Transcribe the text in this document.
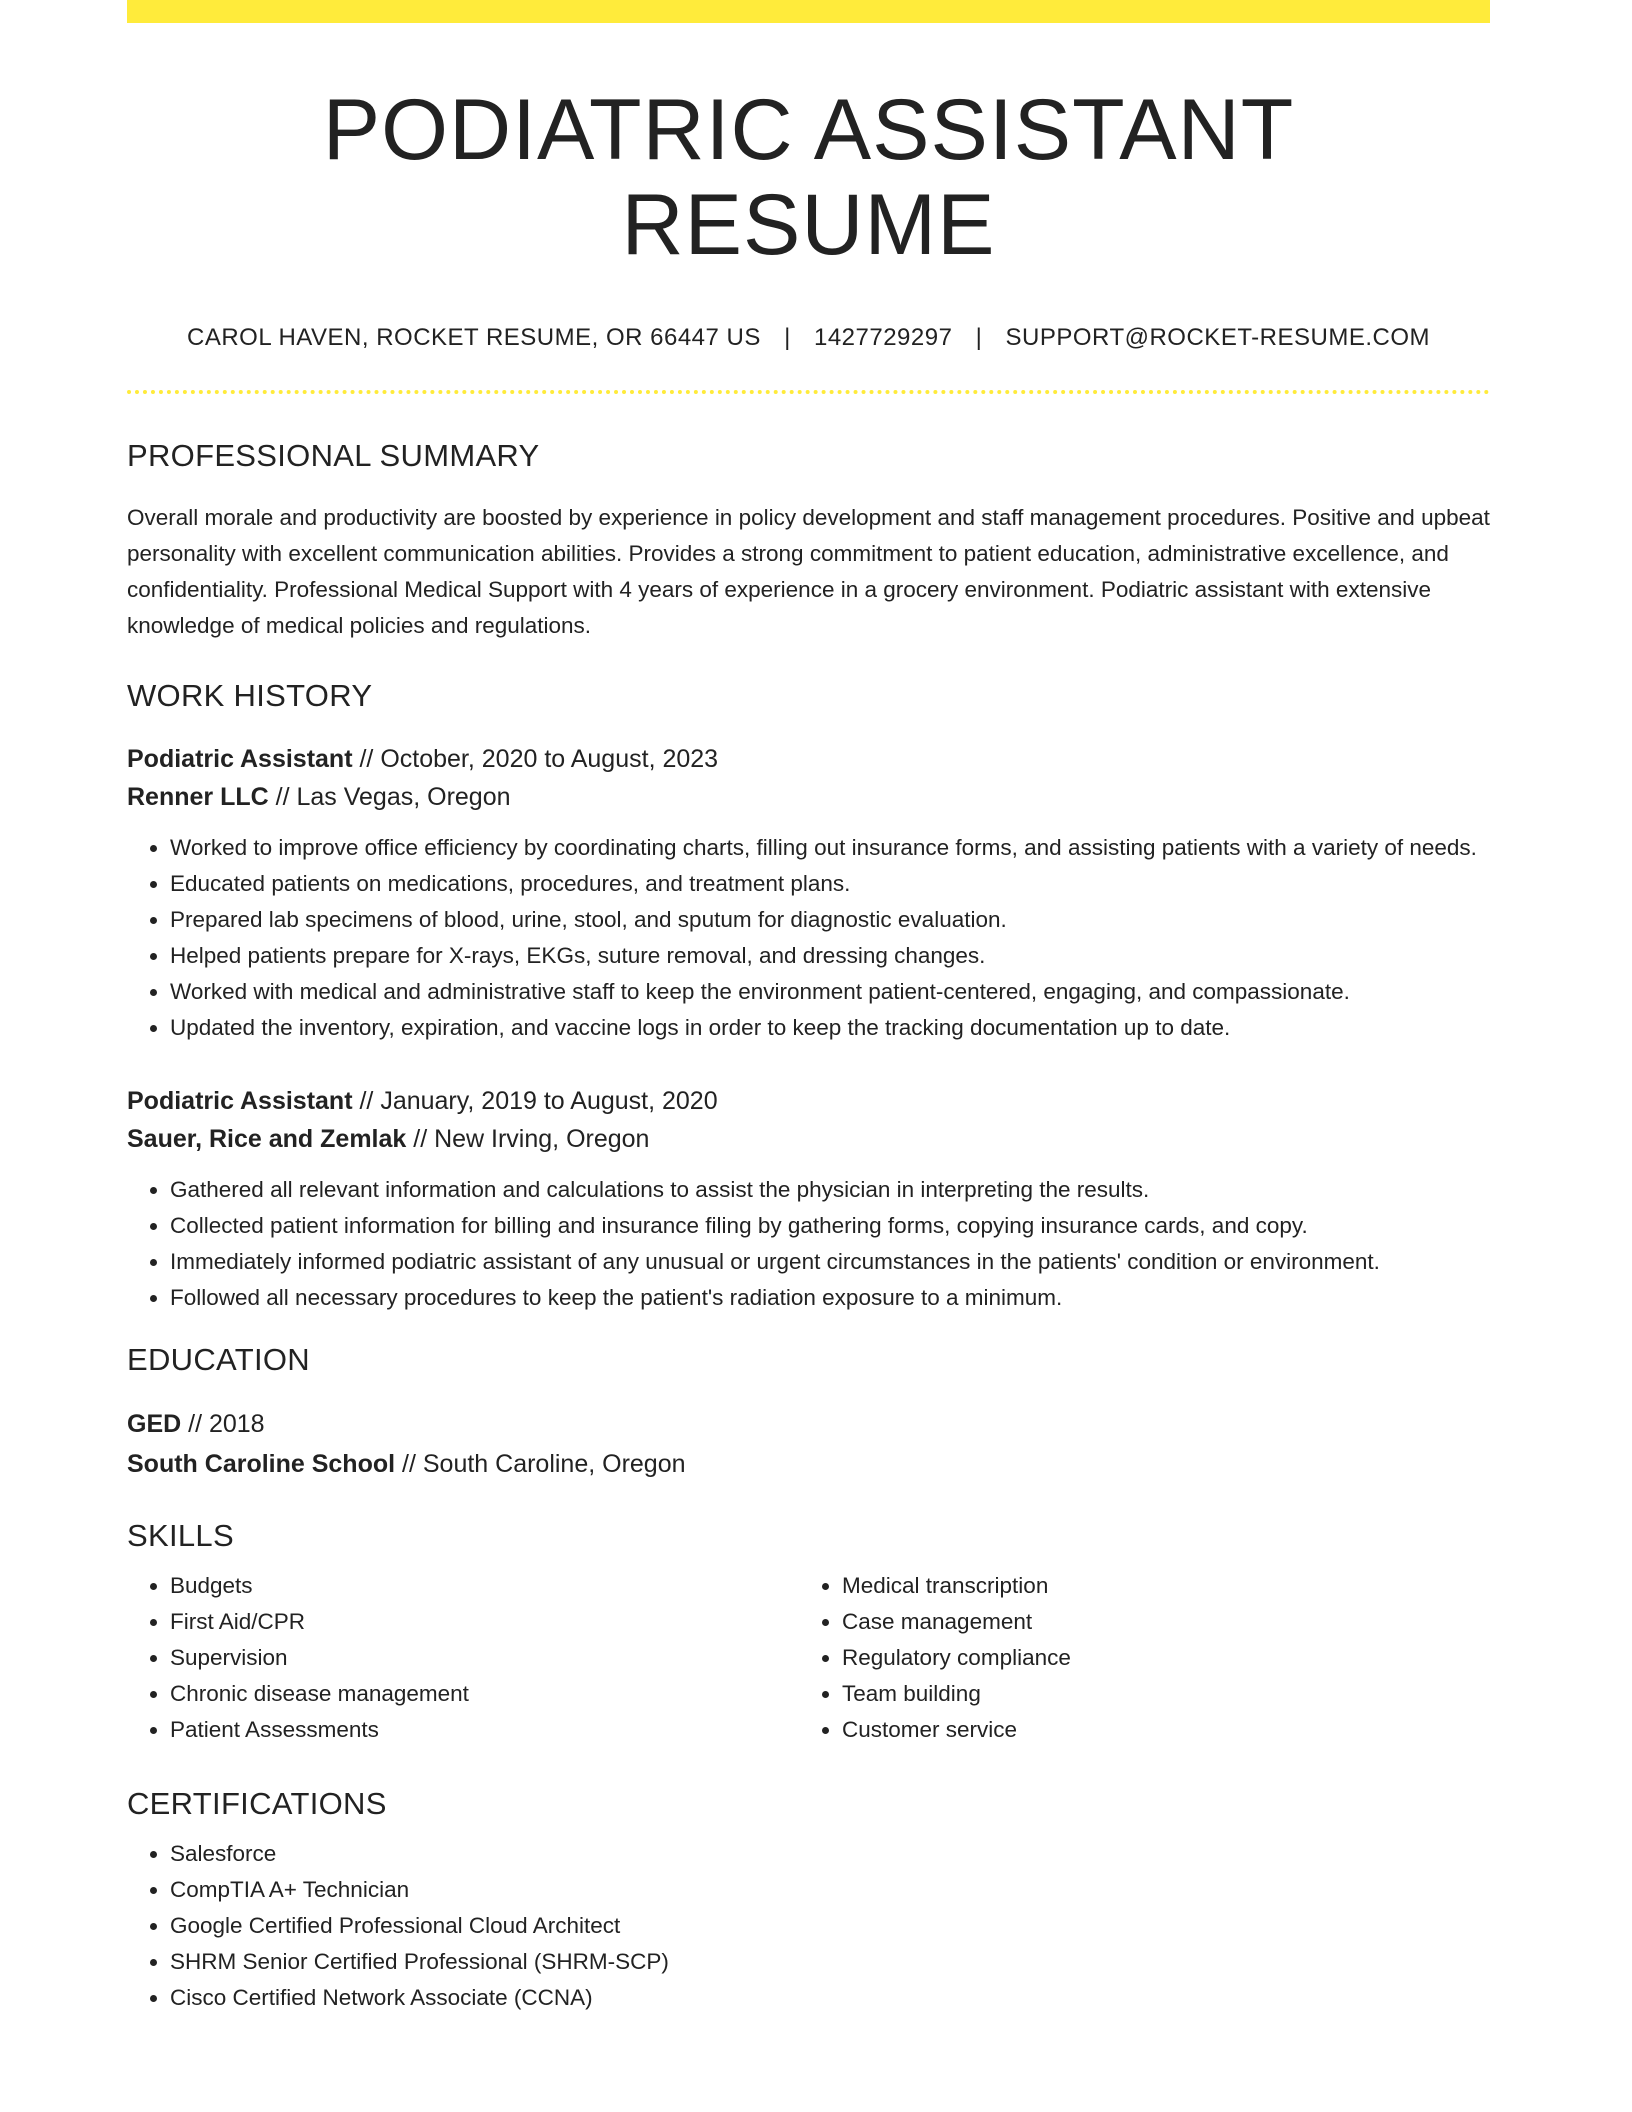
PODIATRIC ASSISTANT RESUME
CAROL HAVEN, ROCKET RESUME, OR 66447 US | 1427729297 | SUPPORT@ROCKET-RESUME.COM
PROFESSIONAL SUMMARY
Overall morale and productivity are boosted by experience in policy development and staff management procedures. Positive and upbeat personality with excellent communication abilities. Provides a strong commitment to patient education, administrative excellence, and confidentiality. Professional Medical Support with 4 years of experience in a grocery environment. Podiatric assistant with extensive knowledge of medical policies and regulations.
WORK HISTORY
Podiatric Assistant // October, 2020 to August, 2023
Renner LLC // Las Vegas, Oregon
• Worked to improve office efficiency by coordinating charts, filling out insurance forms, and assisting patients with a variety of needs.
• Educated patients on medications, procedures, and treatment plans.
• Prepared lab specimens of blood, urine, stool, and sputum for diagnostic evaluation.
• Helped patients prepare for X-rays, EKGs, suture removal, and dressing changes.
• Worked with medical and administrative staff to keep the environment patient-centered, engaging, and compassionate.
• Updated the inventory, expiration, and vaccine logs in order to keep the tracking documentation up to date.
Podiatric Assistant // January, 2019 to August, 2020
Sauer, Rice and Zemlak // New Irving, Oregon
• Gathered all relevant information and calculations to assist the physician in interpreting the results.
• Collected patient information for billing and insurance filing by gathering forms, copying insurance cards, and copy.
• Immediately informed podiatric assistant of any unusual or urgent circumstances in the patients' condition or environment.
• Followed all necessary procedures to keep the patient's radiation exposure to a minimum.
EDUCATION
GED // 2018
South Caroline School // South Caroline, Oregon
SKILLS
• Budgets
• First Aid/CPR
• Supervision
• Chronic disease management
• Patient Assessments
• Medical transcription
• Case management
• Regulatory compliance
• Team building
• Customer service
CERTIFICATIONS
• Salesforce
• CompTIA A+ Technician
• Google Certified Professional Cloud Architect
• SHRM Senior Certified Professional (SHRM-SCP)
• Cisco Certified Network Associate (CCNA)
